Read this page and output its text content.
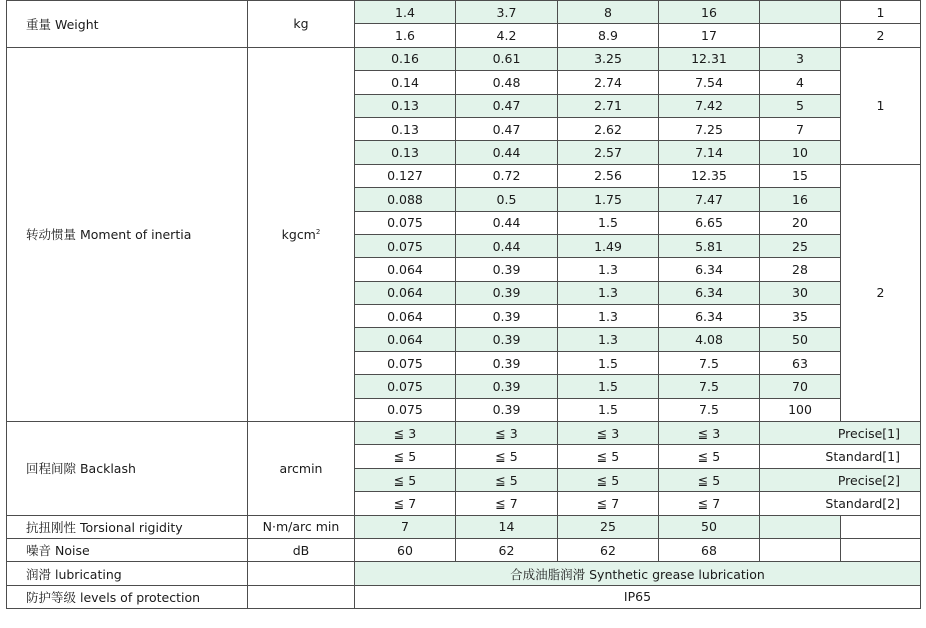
重量 Weight	kg	1.4	3.7	8	16		1
		1.6	4.2	8.9	17		2
转动惯量 Moment of inertia	kgcm$^2$	0.16	0.61	3.25	12.31	3	1
		0.14	0.48	2.74	7.54	4	
		0.13	0.47	2.71	7.42	5	
		0.13	0.47	2.62	7.25	7	
		0.13	0.44	2.57	7.14	10	
		0.127	0.72	2.56	12.35	15	2
		0.088	0.5	1.75	7.47	16	
		0.075	0.44	1.5	6.65	20	
		0.075	0.44	1.49	5.81	25	
		0.064	0.39	1.3	6.34	28	
		0.064	0.39	1.3	6.34	30	
		0.064	0.39	1.3	6.34	35	
		0.064	0.39	1.3	4.08	50	
		0.075	0.39	1.5	7.5	63	
		0.075	0.39	1.5	7.5	70	
		0.075	0.39	1.5	7.5	100	
回程间隙 Backlash	arcmin	≦ 3	≦ 3	≦ 3	≦ 3	Precise[1]	
		≦ 5	≦ 5	≦ 5	≦ 5	Standard[1]	
		≦ 5	≦ 5	≦ 5	≦ 5	Precise[2]	
		≦ 7	≦ 7	≦ 7	≦ 7	Standard[2]	
抗扭刚性 Torsional rigidity	N·m/arc min	7	14	25	50		
噪音 Noise	dB	60	62	62	68		
润滑 lubricating		合成油脂润滑 Synthetic grease lubrication					
防护等级 levels of protection		IP65					
